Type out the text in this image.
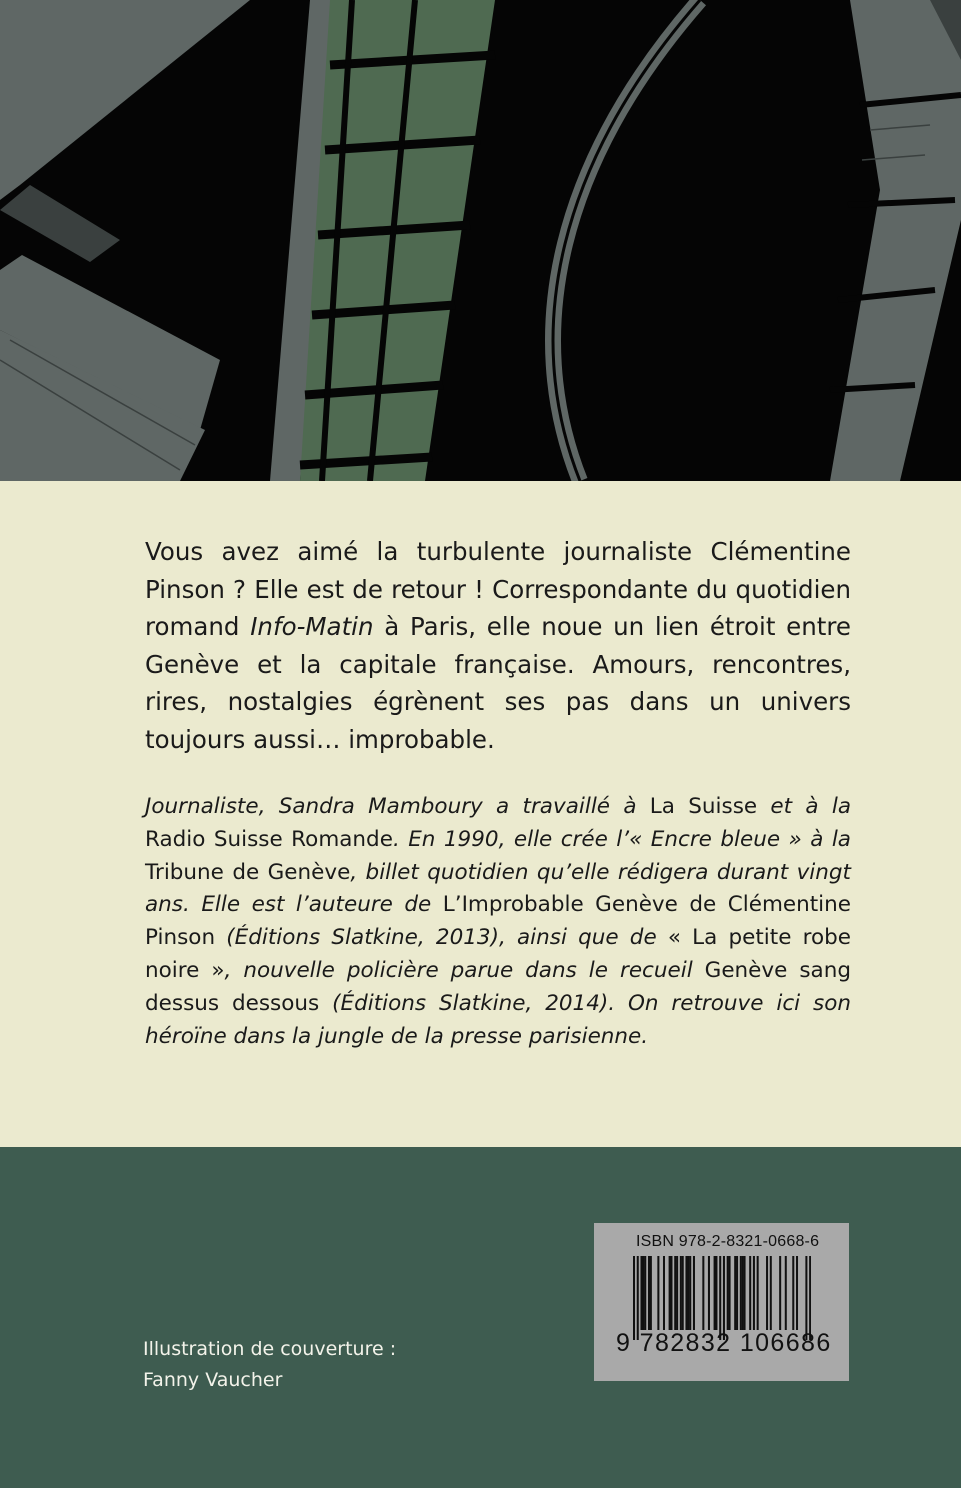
Vous avez aimé la turbulente journaliste Clémentine Pinson ? Elle est de retour ! Correspondante du quotidien romand Info-Matin à Paris, elle noue un lien étroit entre Genève et la capitale française. Amours, rencontres, rires, nostalgies égrènent ses pas dans un univers toujours aussi… improbable.

Journaliste, Sandra Mamboury a travaillé à La Suisse et à la Radio Suisse Romande. En 1990, elle crée l’« Encre bleue » à la Tribune de Genève, billet quotidien qu’elle rédigera durant vingt ans. Elle est l’auteure de L’Improbable Genève de Clémentine Pinson (Éditions Slatkine, 2013), ainsi que de « La petite robe noire », nouvelle policière parue dans le recueil Genève sang dessus dessous (Éditions Slatkine, 2014). On retrouve ici son héroïne dans la jungle de la presse parisienne.

Illustration de couverture :
Fanny Vaucher

ISBN 978-2-8321-0668-6
9 782832 106686
